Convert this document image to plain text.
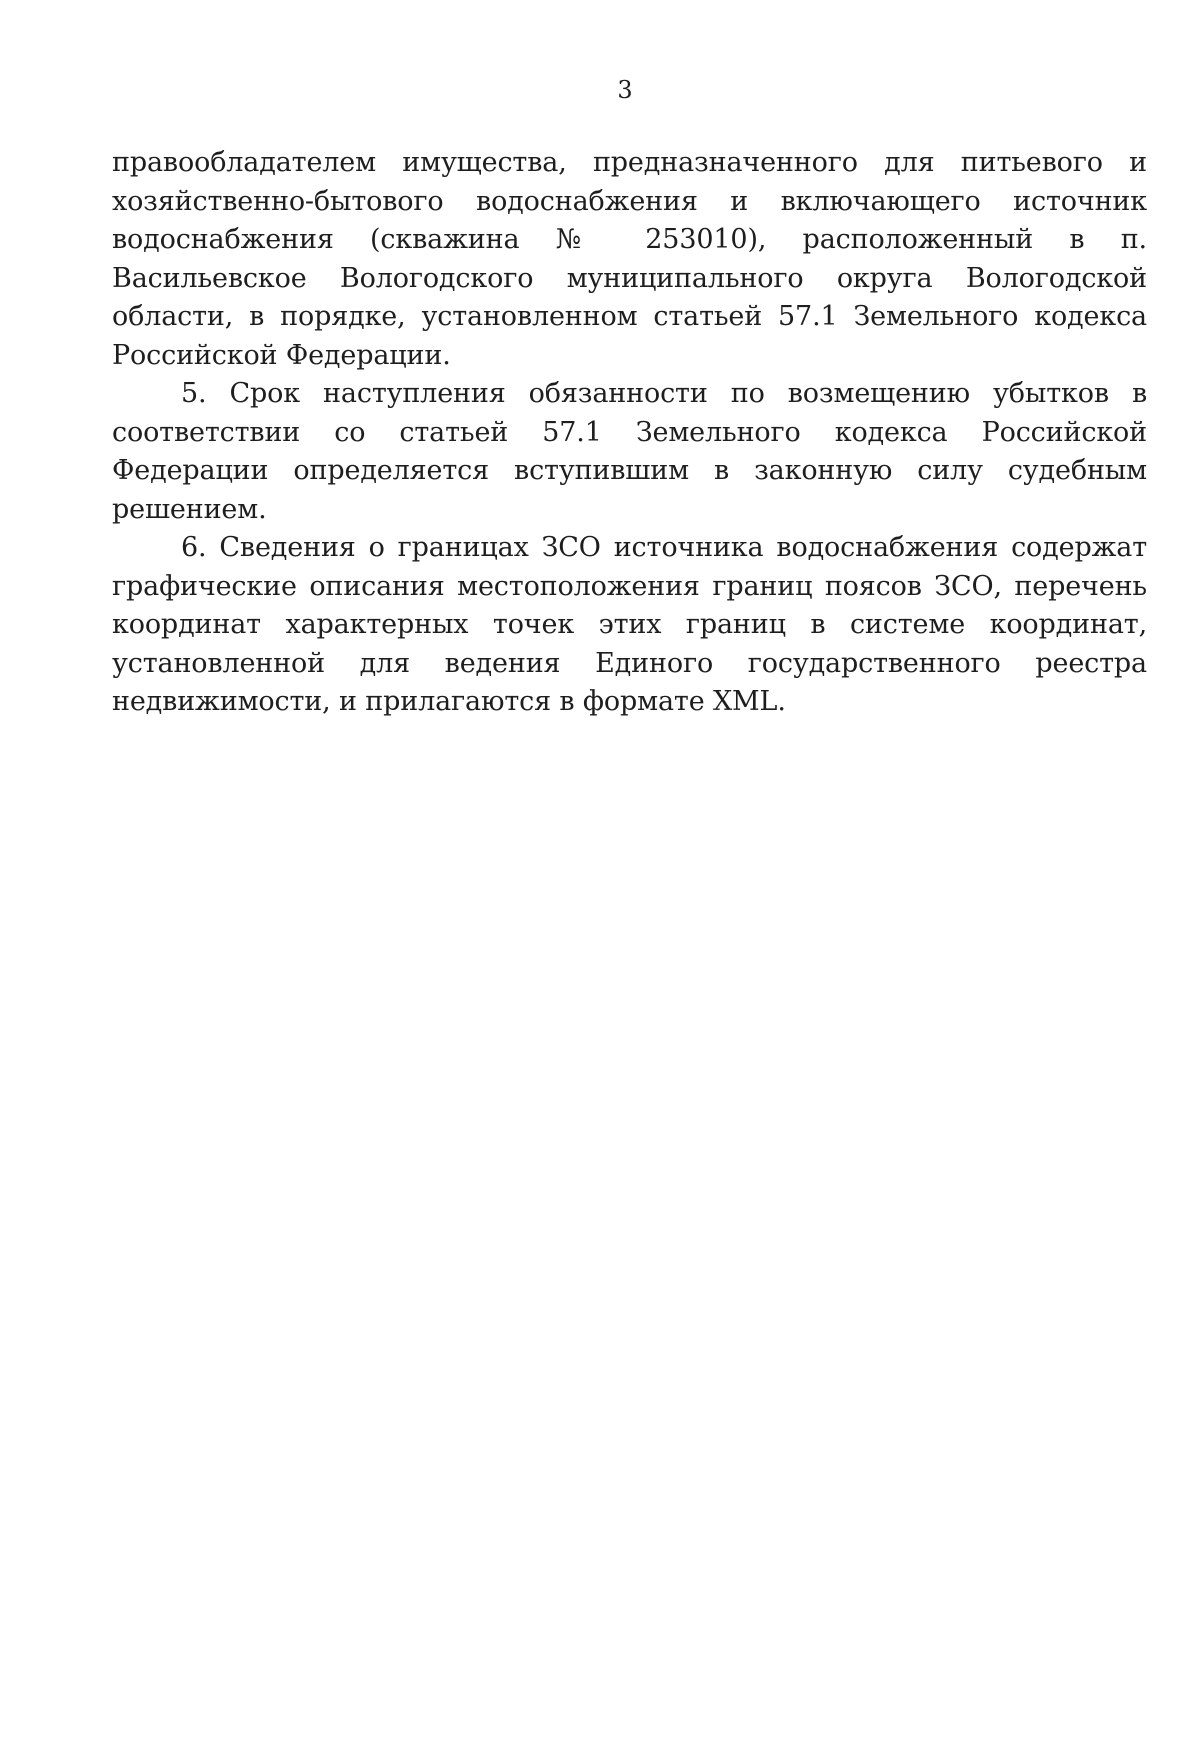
3

правообладателем имущества, предназначенного для питьевого и хозяйственно-бытового водоснабжения и включающего источник водоснабжения (скважина № 253010), расположенный в п. Васильевское Вологодского муниципального округа Вологодской области, в порядке, установленном статьей 57.1 Земельного кодекса Российской Федерации.

5. Срок наступления обязанности по возмещению убытков в соответствии со статьей 57.1 Земельного кодекса Российской Федерации определяется вступившим в законную силу судебным решением.

6. Сведения о границах ЗСО источника водоснабжения содержат графические описания местоположения границ поясов ЗСО, перечень координат характерных точек этих границ в системе координат, установленной для ведения Единого государственного реестра недвижимости, и прилагаются в формате XML.
